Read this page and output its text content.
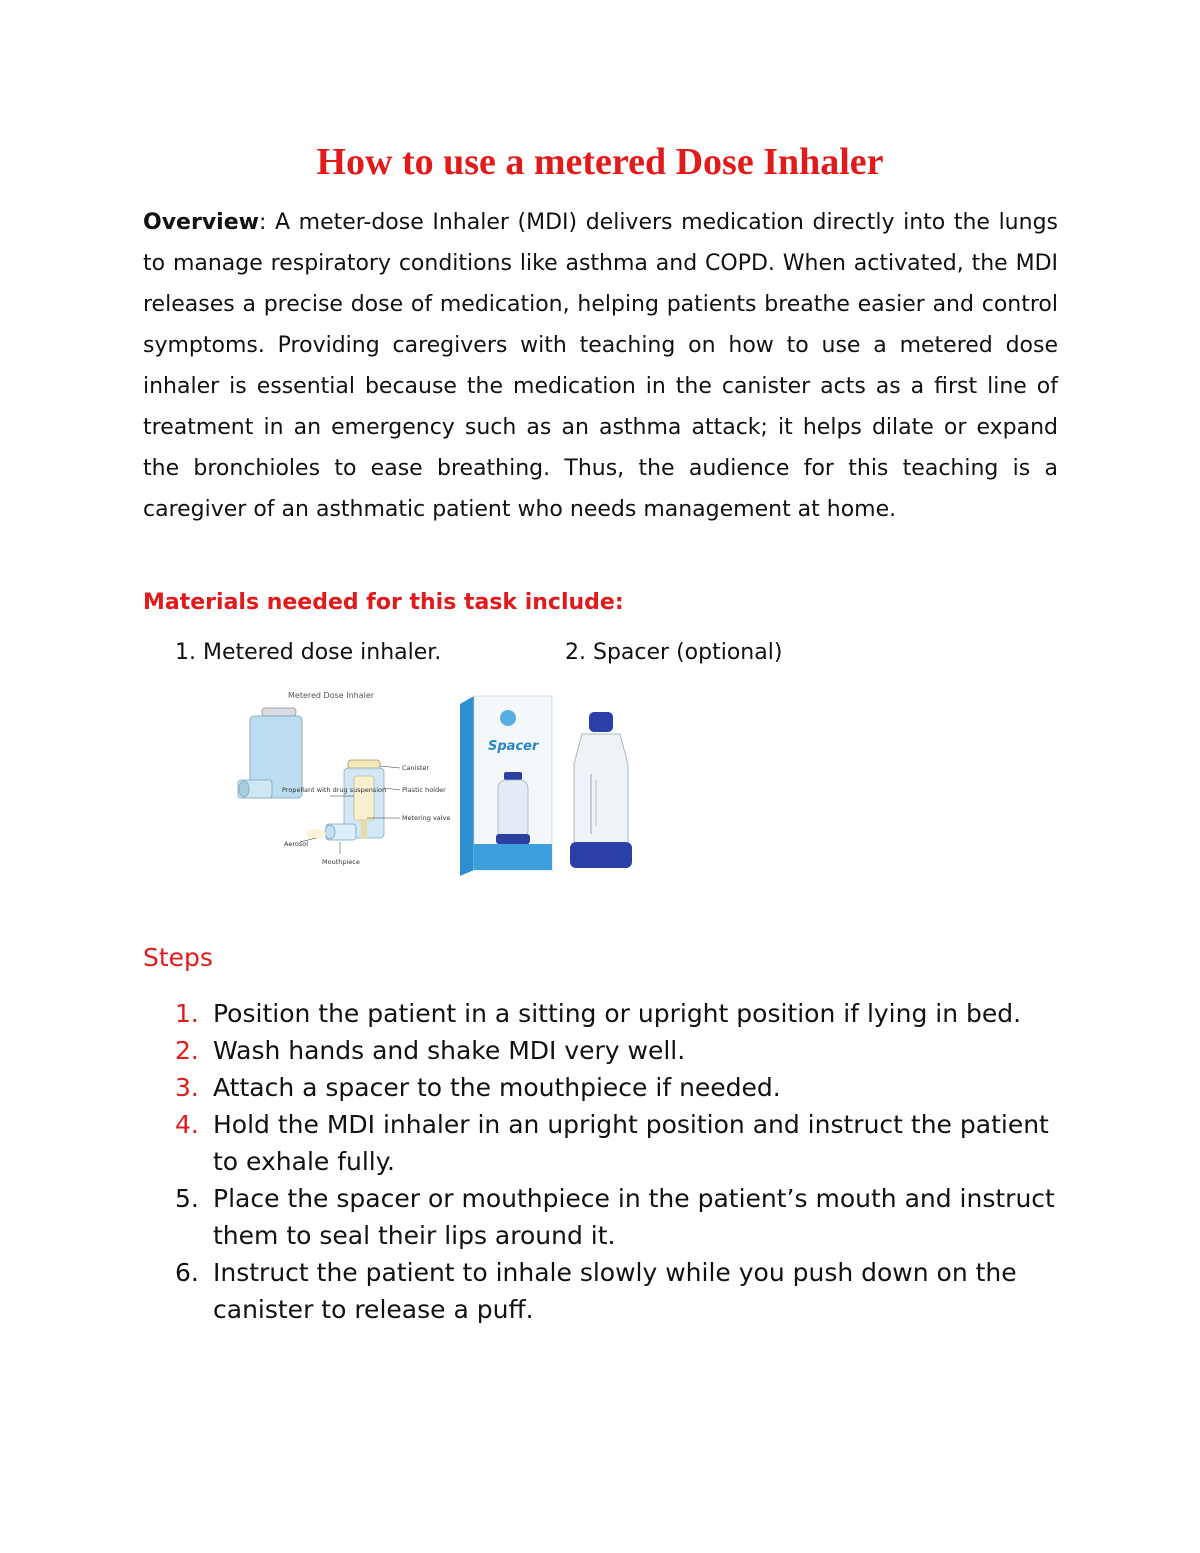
How to use a metered Dose Inhaler
Overview: A meter-dose Inhaler (MDI) delivers medication directly into the lungs to manage respiratory conditions like asthma and COPD. When activated, the MDI releases a precise dose of medication, helping patients breathe easier and control symptoms. Providing caregivers with teaching on how to use a metered dose inhaler is essential because the medication in the canister acts as a first line of treatment in an emergency such as an asthma attack; it helps dilate or expand the bronchioles to ease breathing. Thus, the audience for this teaching is a caregiver of an asthmatic patient who needs management at home.
Materials needed for this task include:
1. Metered dose inhaler.	2. Spacer (optional)
Metered Dose Inhaler
Canister
Plastic holder
Metering valve
Propellant with drug suspension
Aerosol
Mouthpiece
Spacer
Steps
1. Position the patient in a sitting or upright position if lying in bed.
2. Wash hands and shake MDI very well.
3. Attach a spacer to the mouthpiece if needed.
4. Hold the MDI inhaler in an upright position and instruct the patient to exhale fully.
5. Place the spacer or mouthpiece in the patient’s mouth and instruct them to seal their lips around it.
6. Instruct the patient to inhale slowly while you push down on the canister to release a puff.
